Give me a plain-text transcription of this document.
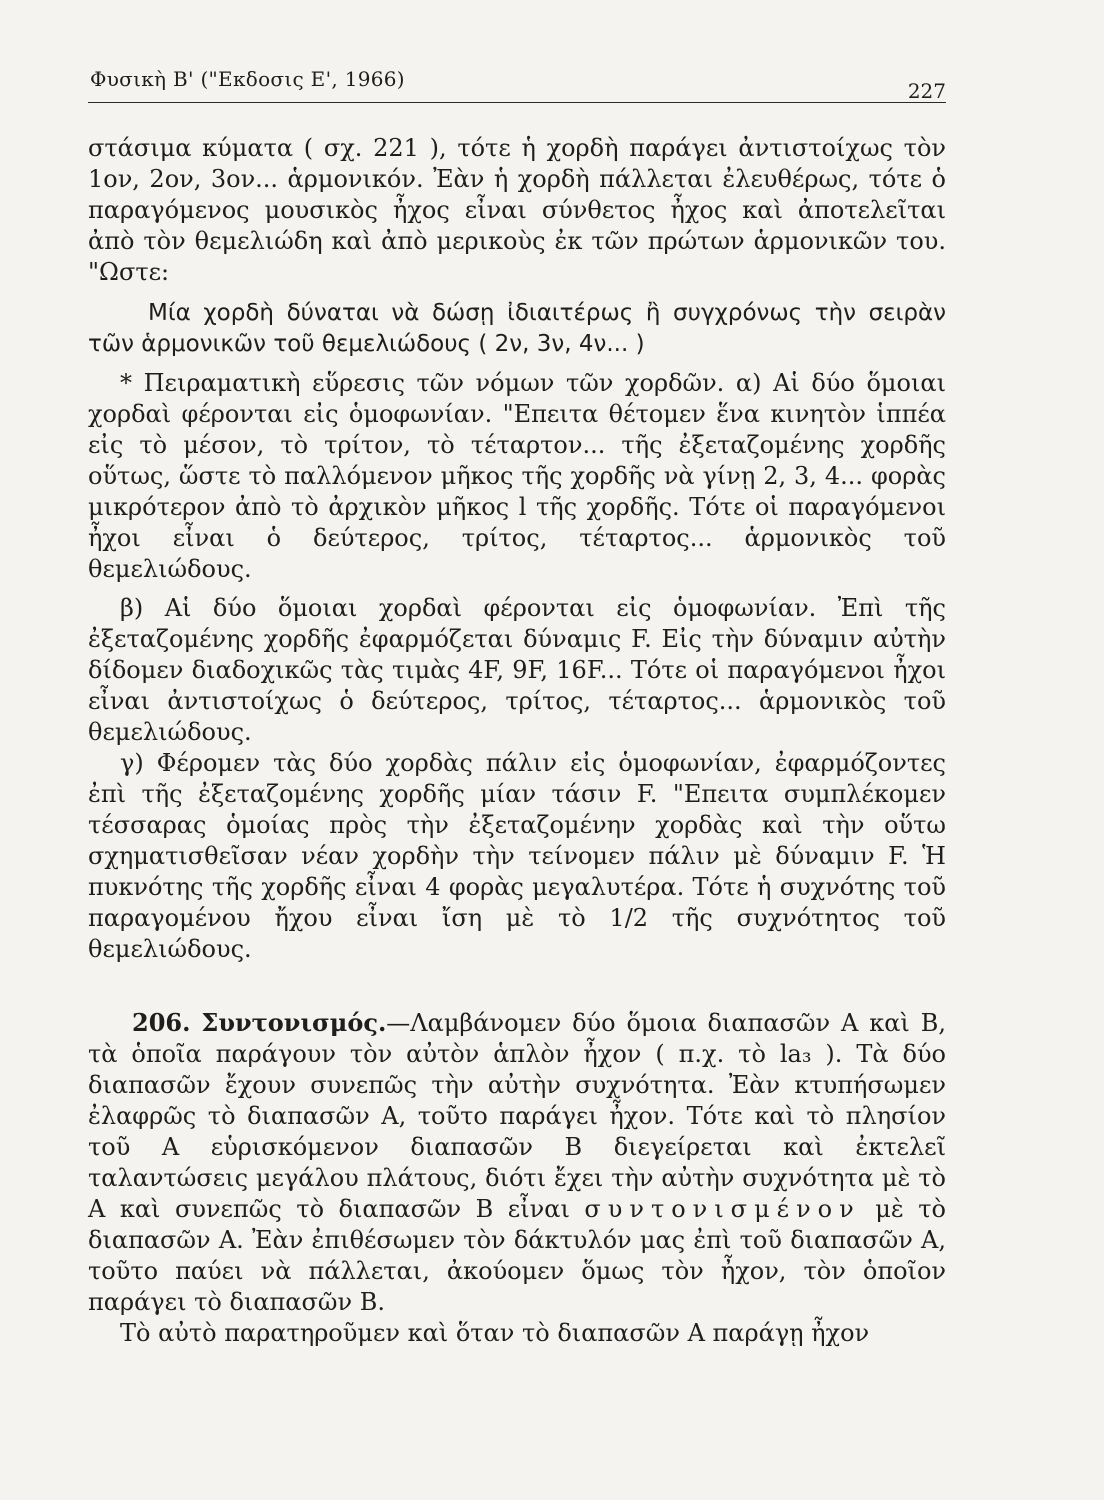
Φυσικὴ Β' ("Εκδοσις Ε', 1966)	227

στάσιμα κύματα ( σχ. 221 ), τότε ἡ χορδὴ παράγει ἀντιστοίχως τὸν 1ον, 2ον, 3ον... ἁρμονικόν. Ἐὰν ἡ χορδὴ πάλλεται ἐλευθέρως, τότε ὁ παραγόμενος μουσικὸς ἦχος εἶναι σύνθετος ἦχος καὶ ἀποτελεῖται ἀπὸ τὸν θεμελιώδη καὶ ἀπὸ μερικοὺς ἐκ τῶν πρώτων ἁρμονικῶν του. "Ωστε:

Μία χορδὴ δύναται νὰ δώσῃ ἰδιαιτέρως ἢ συγχρόνως τὴν σειρὰν τῶν ἁρμονικῶν τοῦ θεμελιώδους ( 2ν, 3ν, 4ν... )

* Πειραματικὴ εὕρεσις τῶν νόμων τῶν χορδῶν. α) Αἱ δύο ὅμοιαι χορδαὶ φέρονται εἰς ὁμοφωνίαν. "Επειτα θέτομεν ἕνα κινητὸν ἱππέα εἰς τὸ μέσον, τὸ τρίτον, τὸ τέταρτον... τῆς ἐξεταζομένης χορδῆς οὕτως, ὥστε τὸ παλλόμενον μῆκος τῆς χορδῆς νὰ γίνῃ 2, 3, 4... φορὰς μικρότερον ἀπὸ τὸ ἀρχικὸν μῆκος l τῆς χορδῆς. Τότε οἱ παραγόμενοι ἦχοι εἶναι ὁ δεύτερος, τρίτος, τέταρτος... ἁρμονικὸς τοῦ θεμελιώδους.

β) Αἱ δύο ὅμοιαι χορδαὶ φέρονται εἰς ὁμοφωνίαν. Ἐπὶ τῆς ἐξεταζομένης χορδῆς ἐφαρμόζεται δύναμις F. Εἰς τὴν δύναμιν αὐτὴν δίδομεν διαδοχικῶς τὰς τιμὰς 4F, 9F, 16F... Τότε οἱ παραγόμενοι ἦχοι εἶναι ἀντιστοίχως ὁ δεύτερος, τρίτος, τέταρτος... ἁρμονικὸς τοῦ θεμελιώδους.

γ) Φέρομεν τὰς δύο χορδὰς πάλιν εἰς ὁμοφωνίαν, ἐφαρμόζοντες ἐπὶ τῆς ἐξεταζομένης χορδῆς μίαν τάσιν F. "Επειτα συμπλέκομεν τέσσαρας ὁμοίας πρὸς τὴν ἐξεταζομένην χορδὰς καὶ τὴν οὕτω σχηματισθεῖσαν νέαν χορδὴν τὴν τείνομεν πάλιν μὲ δύναμιν F. Ἡ πυκνότης τῆς χορδῆς εἶναι 4 φορὰς μεγαλυτέρα. Τότε ἡ συχνότης τοῦ παραγομένου ἤχου εἶναι ἴση μὲ τὸ 1/2 τῆς συχνότητος τοῦ θεμελιώδους.

206. Συντονισμός.—Λαμβάνομεν δύο ὅμοια διαπασῶν Α καὶ Β, τὰ ὁποῖα παράγουν τὸν αὐτὸν ἁπλὸν ἦχον ( π.χ. τὸ la₃ ). Τὰ δύο διαπασῶν ἔχουν συνεπῶς τὴν αὐτὴν συχνότητα. Ἐὰν κτυπήσωμεν ἐλαφρῶς τὸ διαπασῶν Α, τοῦτο παράγει ἦχον. Τότε καὶ τὸ πλησίον τοῦ Α εὑρισκόμενον διαπασῶν Β διεγείρεται καὶ ἐκτελεῖ ταλαντώσεις μεγάλου πλάτους, διότι ἔχει τὴν αὐτὴν συχνότητα μὲ τὸ Α καὶ συνεπῶς τὸ διαπασῶν Β εἶναι συντονισμένον μὲ τὸ διαπασῶν Α. Ἐὰν ἐπιθέσωμεν τὸν δάκτυλόν μας ἐπὶ τοῦ διαπασῶν Α, τοῦτο παύει νὰ πάλλεται, ἀκούομεν ὅμως τὸν ἦχον, τὸν ὁποῖον παράγει τὸ διαπασῶν Β.

Τὸ αὐτὸ παρατηροῦμεν καὶ ὅταν τὸ διαπασῶν Α παράγῃ ἦχον
